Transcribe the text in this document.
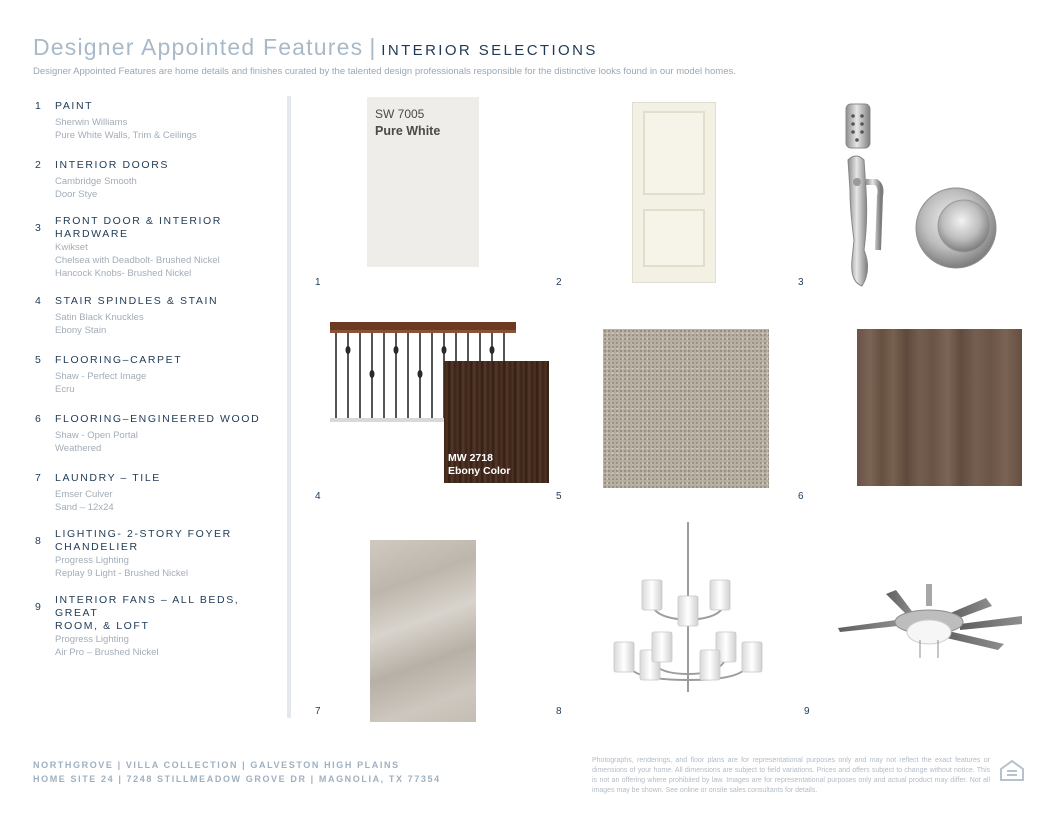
Designer Appointed Features | INTERIOR SELECTIONS
Designer Appointed Features are home details and finishes curated by the talented design professionals responsible for the distinctive looks found in our model homes.
1 PAINT
Sherwin Williams
Pure White Walls, Trim & Ceilings
2 INTERIOR DOORS
Cambridge Smooth
Door Stye
3
FRONT DOOR & INTERIOR
HARDWARE
Kwikset
Chelsea with Deadbolt- Brushed Nickel
Hancock Knobs- Brushed Nickel
4 STAIR SPINDLES & STAIN
Satin Black Knuckles
Ebony Stain
5 FLOORING–CARPET
Shaw - Perfect Image
Ecru
6 FLOORING–ENGINEERED WOOD
Shaw - Open Portal
Weathered
7 LAUNDRY – TILE
Emser Culver
Sand – 12x24
8
LIGHTING- 2-STORY FOYER
CHANDELIER
Progress Lighting
Replay 9 Light - Brushed Nickel
9
INTERIOR FANS – ALL BEDS, GREAT
ROOM, & LOFT
Progress Lighting
Air Pro – Brushed Nickel
SW 7005
Pure White
MW 2718
Ebony Color
1	2	3
4	5	6
7	8	9
NORTHGROVE | VILLA COLLECTION | GALVESTON HIGH PLAINS
HOME SITE 24 | 7248 STILLMEADOW GROVE DR | MAGNOLIA, TX 77354
Photographs, renderings, and floor plans are for representational purposes only and may not reflect the exact features or dimensions of your home. All dimensions are subject to field variations. Prices and offers subject to change without notice. This is not an offering where prohibited by law. Images are for representational purposes only and actual product may differ. Not all images may be shown. See online or onsite sales consultants for details.
